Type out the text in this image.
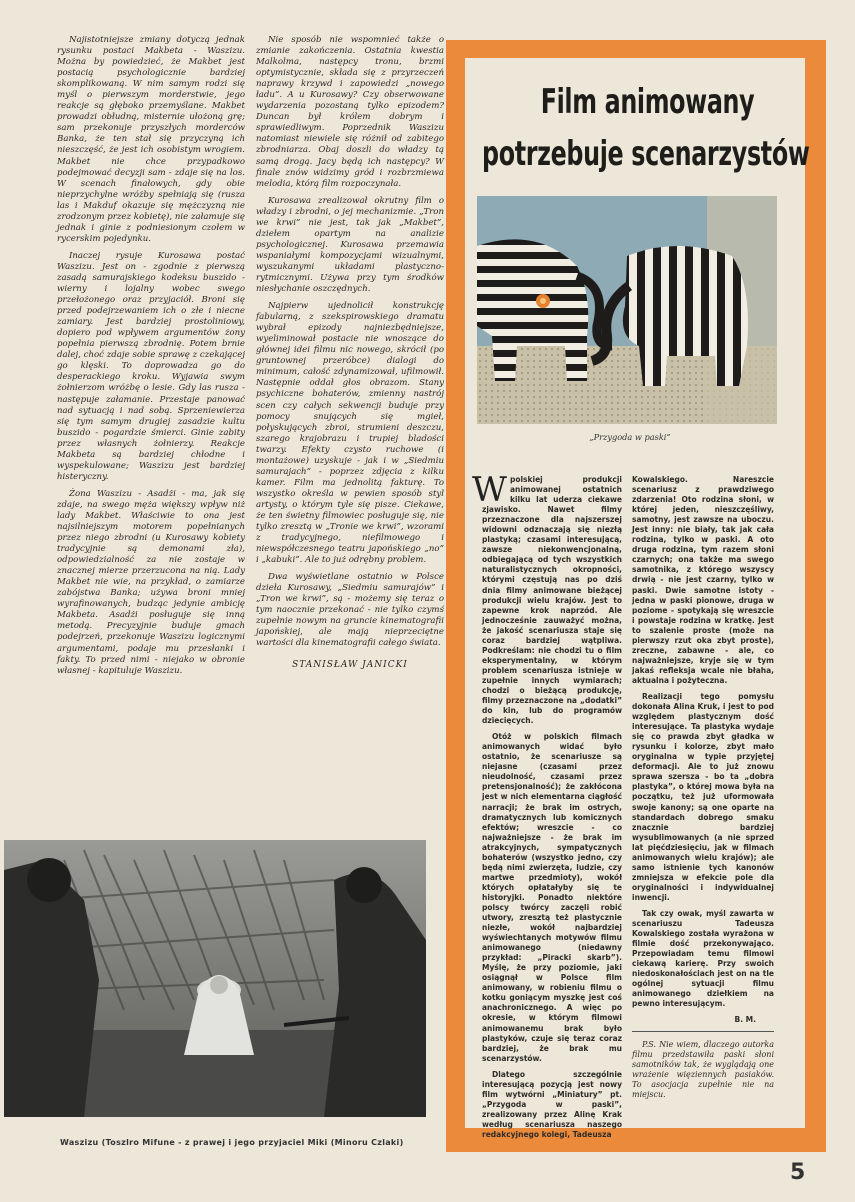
Najistotniejsze zmiany dotyczą jednak rysunku postaci Makbeta - Waszizu. Można by powiedzieć, że Makbet jest postacią psychologicznie bardziej skomplikowaną. W nim samym rodzi się myśl o pierwszym morderstwie, jego reakcje są głęboko przemyślane. Makbet prowadzi obłudną, misternie ułożoną grę; sam przekonuje przyszłych morderców Banka, że ten stał się przyczyną ich nieszczęść, że jest ich osobistym wrogiem. Makbet nie chce przypadkowo podejmować decyzji sam - zdaje się na los. W scenach finałowych, gdy obie nieprzychylne wróżby spełniają się (rusza las i Makduf okazuje się mężczyzną nie zrodzonym przez kobietę), nie załamuje się jednak i ginie z podniesionym czołem w rycerskim pojedynku.

Inaczej rysuje Kurosawa postać Waszizu. Jest on - zgodnie z pierwszą zasadą samurajskiego kodeksu buszido - wierny i lojalny wobec swego przełożonego oraz przyjaciół. Broni się przed podejrzewaniem ich o złe i niecne zamiary. Jest bardziej prostoliniowy, dopiero pod wpływem argumentów żony popełnia pierwszą zbrodnię. Potem brnie dalej, choć zdaje sobie sprawę z czekającej go klęski. To doprowadza go do desperackiego kroku. Wyjawia swym żołnierzom wróżbę o lesie. Gdy las rusza - następuje załamanie. Przestaje panować nad sytuacją i nad sobą. Sprzeniewierza się tym samym drugiej zasadzie kultu buszido - pogardzie śmierci. Ginie zabity przez własnych żołnierzy. Reakcje Makbeta są bardziej chłodne i wyspekulowane; Waszizu jest bardziej histeryczny.

Żona Waszizu - Asadżi - ma, jak się zdaje, na swego męża większy wpływ niż lady Makbet. Właściwie to ona jest najsilniejszym motorem popełnianych przez niego zbrodni (u Kurosawy kobiety tradycyjnie są demonami zła), odpowiedzialność za nie zostaje w znacznej mierze przerzucona na nią. Lady Makbet nie wie, na przykład, o zamiarze zabójstwa Banka; używa broni mniej wyrafinowanych, budząc jedynie ambicję Makbeta. Asadżi posługuje się inną metodą. Precyzyjnie buduje gmach podejrzeń, przekonuje Waszizu logicznymi argumentami, podaje mu przesłanki i fakty. To przed nimi - niejako w obronie własnej - kapituluje Waszizu.

Nie sposób nie wspomnieć także o zmianie zakończenia. Ostatnia kwestia Malkolma, następcy tronu, brzmi optymistycznie, składa się z przyrzeczeń naprawy krzywd i zapowiedzi „nowego ładu”. A u Kurosawy? Czy obserwowane wydarzenia pozostaną tylko epizodem? Duncan był królem dobrym i sprawiedliwym. Poprzednik Waszizu natomiast niewiele się różnił od zabitego zbrodniarza. Obaj doszli do władzy tą samą drogą. Jacy będą ich następcy? W finale znów widzimy gród i rozbrzmiewa melodia, którą film rozpoczynała.

Kurosawa zrealizował okrutny film o władzy i zbrodni, o jej mechanizmie. „Tron we krwi” nie jest, tak jak „Makbet”, dziełem opartym na analizie psychologicznej. Kurosawa przemawia wspaniałymi kompozycjami wizualnymi, wyszukanymi układami plastyczno-rytmicznymi. Używa przy tym środków niesłychanie oszczędnych.

Najpierw ujednolicił konstrukcję fabularną, z szekspirowskiego dramatu wybrał epizody najniezbędniejsze, wyeliminował postacie nie wnoszące do głównej idei filmu nic nowego, skrócił (po gruntownej przeróbce) dialogi do minimum, całość zdynamizował, ufilmowił. Następnie oddał głos obrazom. Stany psychiczne bohaterów, zmienny nastrój scen czy całych sekwencji buduje przy pomocy snujących się mgieł, połyskujących zbroi, strumieni deszczu, szarego krajobrazu i trupiej bladości twarzy. Efekty czysto ruchowe (i montażowe) uzyskuje - jak i w „Siedmiu samurajach” - poprzez zdjęcia z kilku kamer. Film ma jednolitą fakturę. To wszystko określa w pewien sposób styl artysty, o którym tyle się pisze. Ciekawe, że ten świetny filmowiec posługuje się, nie tylko zresztą w „Tronie we krwi”, wzorami z tradycyjnego, niefilmowego i niewspółczesnego teatru japońskiego „no” i „kabuki”. Ale to już odrębny problem.

Dwa wyświetlane ostatnio w Polsce dzieła Kurosawy, „Siedmiu samurajów” i „Tron we krwi”, są - możemy się teraz o tym naocznie przekonać - nie tylko czymś zupełnie nowym na gruncie kinematografii japońskiej, ale mają nieprzeciętne wartości dla kinematografii całego świata.

STANISŁAW JANICKI
Waszizu (Toszlro Mifune - z prawej i jego przyjaciel Miki (Minoru Czlaki)
Film animowany
potrzebuje scenarzystów
„Przygoda w paski”

Wpolskiej produkcji animowanej ostatnich kilku lat uderza ciekawe zjawisko. Nawet filmy przeznaczone dla najszerszej widowni odznaczają się niezłą plastyką; czasami interesującą, zawsze niekonwencjonalną, odbiegającą od tych wszystkich naturalistycznych okropności, którymi częstują nas po dziś dnia filmy animowane bieżącej produkcji wielu krajów. Jest to zapewne krok naprzód. Ale jednocześnie zauważyć można, że jakość scenariusza staje się coraz bardziej wątpliwa. Podkreślam: nie chodzi tu o film eksperymentalny, w którym problem scenariusza istnieje w zupełnie innych wymiarach; chodzi o bieżącą produkcję, filmy przeznaczone na „dodatki” do kin, lub do programów dziecięcych.

Otóż w polskich filmach animowanych widać było ostatnio, że scenariusze są niejasne (czasami przez nieudolność, czasami przez pretensjonalność); że zakłócona jest w nich elementarna ciągłość narracji; że brak im ostrych, dramatycznych lub komicznych efektów; wreszcie - co najważniejsze - że brak im atrakcyjnych, sympatycznych bohaterów (wszystko jedno, czy będą nimi zwierzęta, ludzie, czy martwe przedmioty), wokół których opłatałyby się te historyjki. Ponadto niektóre polscy twórcy zaczęli robić utwory, zresztą też plastycznie niezłe, wokół najbardziej wyświechtanych motywów filmu animowanego (niedawny przykład: „Piracki skarb”). Myślę, że przy poziomie, jaki osiągnął w Polsce film animowany, w robieniu filmu o kotku goniącym myszkę jest coś anachronicznego. A więc po okresie, w którym filmowi animowanemu brak było plastyków, czuje się teraz coraz bardziej, że brak mu scenarzystów.

Dlatego szczególnie interesującą pozycją jest nowy film wytwórni „Miniatury” pt. „Przygoda w paski”, zrealizowany przez Alinę Krak według scenariusza naszego redakcyjnego kolegi, Tadeusza

Kowalskiego. Nareszcie scenariusz z prawdziwego zdarzenia! Oto rodzina słoni, w której jeden, nieszczęśliwy, samotny, jest zawsze na uboczu. Jest inny: nie biały, tak jak cała rodzina, tylko w paski. A oto druga rodzina, tym razem słoni czarnych; ona także ma swego samotnika, z którego wszyscy drwią - nie jest czarny, tylko w paski. Dwie samotne istoty - jedna w paski pionowe, druga w poziome - spotykają się wreszcie i powstaje rodzina w kratkę. Jest to szalenie proste (może na pierwszy rzut oka zbyt proste), zreczne, zabawne - ale, co najważniejsze, kryje się w tym jakaś refleksja wcale nie błaha, aktualna i pożyteczna.

Realizacji tego pomysłu dokonała Alina Kruk, i jest to pod względem plastycznym dość interesujące. Ta plastyka wydaje się co prawda zbyt gładka w rysunku i kolorze, zbyt mało oryginalna w typie przyjętej deformacji. Ale to już znowu sprawa szersza - bo ta „dobra plastyka”, o której mowa była na początku, też już uformowała swoje kanony; są one oparte na standardach dobrego smaku znacznie bardziej wysublimowanych (a nie sprzed lat pięćdziesięciu, jak w filmach animowanych wielu krajów); ale samo istnienie tych kanonów zmniejsza w efekcie pole dla oryginalności i indywidualnej inwencji.

Tak czy owak, myśl zawarta w scenariuszu Tadeusza Kowalskiego została wyrażona w filmie dość przekonywająco. Przepowiadam temu filmowi ciekawą karierę. Przy swoich niedoskonałościach jest on na tle ogólnej sytuacji filmu animowanego dziełkiem na pewno interesującym.

B. M.

P.S. Nie wiem, dlaczego autorka filmu przedstawiła paski słoni samotników tak, że wyglądają one wrażenie więziennych pasiaków. To asocjacja zupełnie nie na miejscu.

5
